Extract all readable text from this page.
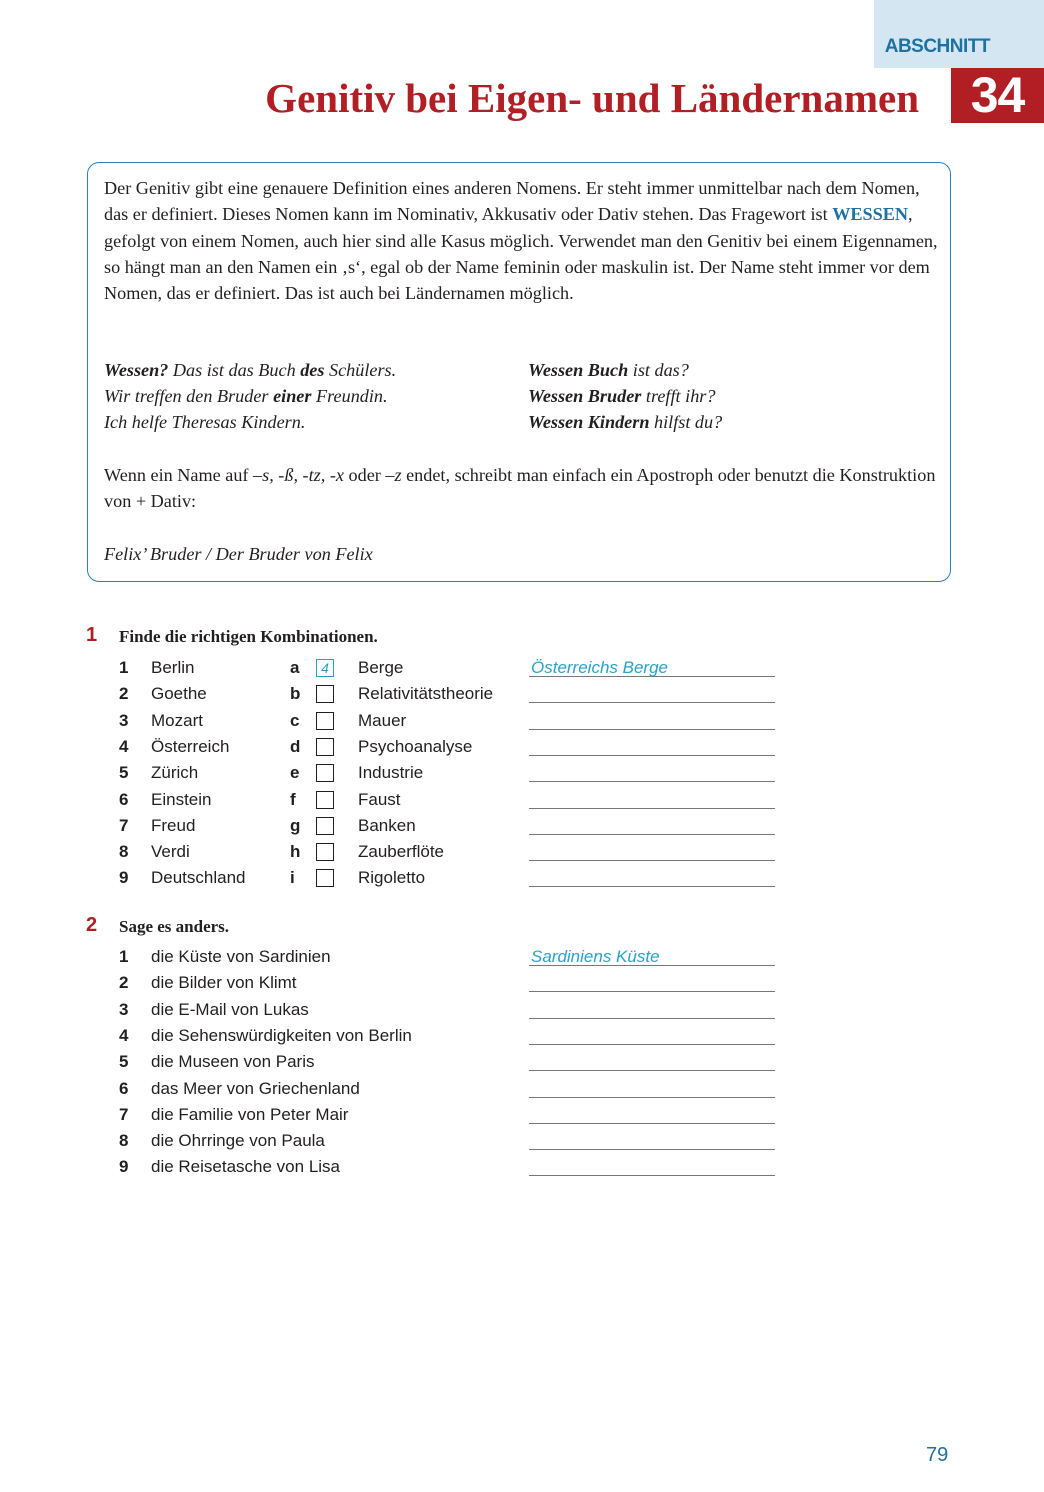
ABSCHNITT
34
Genitiv bei Eigen- und Ländernamen

Der Genitiv gibt eine genauere Definition eines anderen Nomens. Er steht immer unmittelbar nach dem Nomen, das er definiert. Dieses Nomen kann im Nominativ, Akkusativ oder Dativ stehen. Das Fragewort ist WESSEN, gefolgt von einem Nomen, auch hier sind alle Kasus möglich. Verwendet man den Genitiv bei einem Eigennamen, so hängt man an den Namen ein ‚s‘, egal ob der Name feminin oder maskulin ist. Der Name steht immer vor dem Nomen, das er definiert. Das ist auch bei Ländernamen möglich.

Wessen? Das ist das Buch des Schülers.	Wessen Buch ist das?
Wir treffen den Bruder einer Freundin.	Wessen Bruder trefft ihr?
Ich helfe Theresas Kindern.	Wessen Kindern hilfst du?

Wenn ein Name auf –s, -ß, -tz, -x oder –z endet, schreibt man einfach ein Apostroph oder benutzt die Konstruktion von + Dativ:

Felix’ Bruder / Der Bruder von Felix

1 Finde die richtigen Kombinationen.
1 Berlin	a	4	Berge	Österreichs Berge
2 Goethe	b	Relativitätstheorie
3 Mozart	c	Mauer
4 Österreich	d	Psychoanalyse
5 Zürich	e	Industrie
6 Einstein	f	Faust
7 Freud	g	Banken
8 Verdi	h	Zauberflöte
9 Deutschland	i	Rigoletto
2 Sage es anders.
1 die Küste von Sardinien	Sardiniens Küste
2 die Bilder von Klimt
3 die E-Mail von Lukas
4 die Sehenswürdigkeiten von Berlin
5 die Museen von Paris
6 das Meer von Griechenland
7 die Familie von Peter Mair
8 die Ohrringe von Paula
9 die Reisetasche von Lisa
79
